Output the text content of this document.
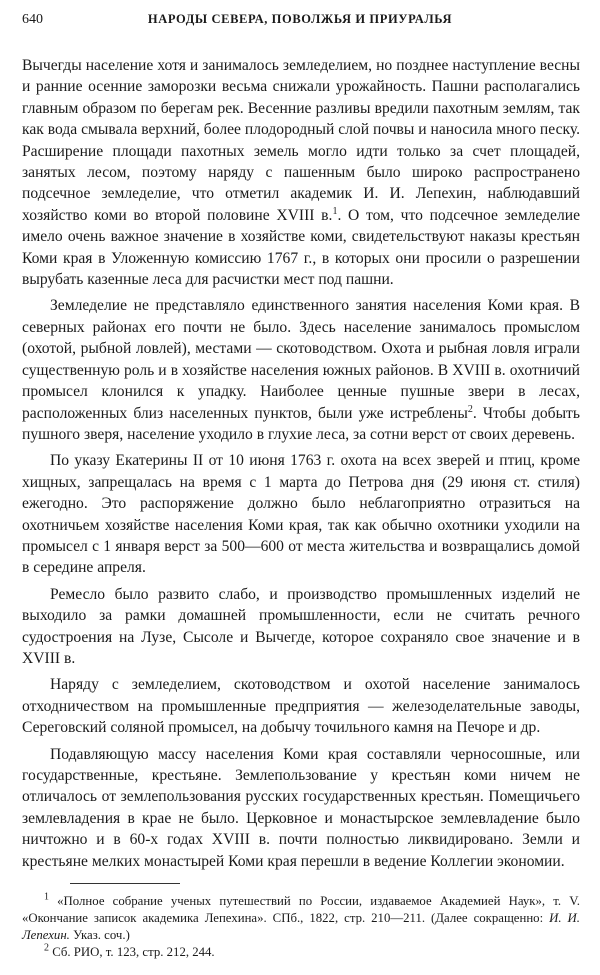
640	НАРОДЫ СЕВЕРА, ПОВОЛЖЬЯ И ПРИУРАЛЬЯ

Вычегды население хотя и занималось земледелием, но позднее наступление весны и ранние осенние заморозки весьма снижали урожайность. Пашни располагались главным образом по берегам рек. Весенние разливы вредили пахотным землям, так как вода смывала верхний, более плодородный слой почвы и наносила много песку. Расширение площади пахотных земель могло идти только за счет площадей, занятых лесом, поэтому наряду с пашенным было широко распространено подсечное земледелие, что отметил академик И. И. Лепехин, наблюдавший хозяйство коми во второй половине XVIII в.$^1$. О том, что подсечное земледелие имело очень важное значение в хозяйстве коми, свидетельствуют наказы крестьян Коми края в Уложенную комиссию 1767 г., в которых они просили о разрешении вырубать казенные леса для расчистки мест под пашни.

Земледелие не представляло единственного занятия населения Коми края. В северных районах его почти не было. Здесь население занималось промыслом (охотой, рыбной ловлей), местами — скотоводством. Охота и рыбная ловля играли существенную роль и в хозяйстве населения южных районов. В XVIII в. охотничий промысел клонился к упадку. Наиболее ценные пушные звери в лесах, расположенных близ населенных пунктов, были уже истреблены$^2$. Чтобы добыть пушного зверя, население уходило в глухие леса, за сотни верст от своих деревень.

По указу Екатерины II от 10 июня 1763 г. охота на всех зверей и птиц, кроме хищных, запрещалась на время с 1 марта до Петрова дня (29 июня ст. стиля) ежегодно. Это распоряжение должно было неблагоприятно отразиться на охотничьем хозяйстве населения Коми края, так как обычно охотники уходили на промысел с 1 января верст за 500—600 от места жительства и возвращались домой в середине апреля.

Ремесло было развито слабо, и производство промышленных изделий не выходило за рамки домашней промышленности, если не считать речного судостроения на Лузе, Сысоле и Вычегде, которое сохраняло свое значение и в XVIII в.

Наряду с земледелием, скотоводством и охотой население занималось отходничеством на промышленные предприятия — железоделательные заводы, Сереговский соляной промысел, на добычу точильного камня на Печоре и др.

Подавляющую массу населения Коми края составляли черносошные, или государственные, крестьяне. Землепользование у крестьян коми ничем не отличалось от землепользования русских государственных крестьян. Помещичьего землевладения в крае не было. Церковное и монастырское землевладение было ничтожно и в 60-х годах XVIII в. почти полностью ликвидировано. Земли и крестьяне мелких монастырей Коми края перешли в ведение Коллегии экономии.

$^1$ «Полное собрание ученых путешествий по России, издаваемое Академией Наук», т. V. «Окончание записок академика Лепехина». СПб., 1822, стр. 210—211. (Далее сокращенно: И. И. Лепехин. Указ. соч.)

$^2$ Сб. РИО, т. 123, стр. 212, 244.
